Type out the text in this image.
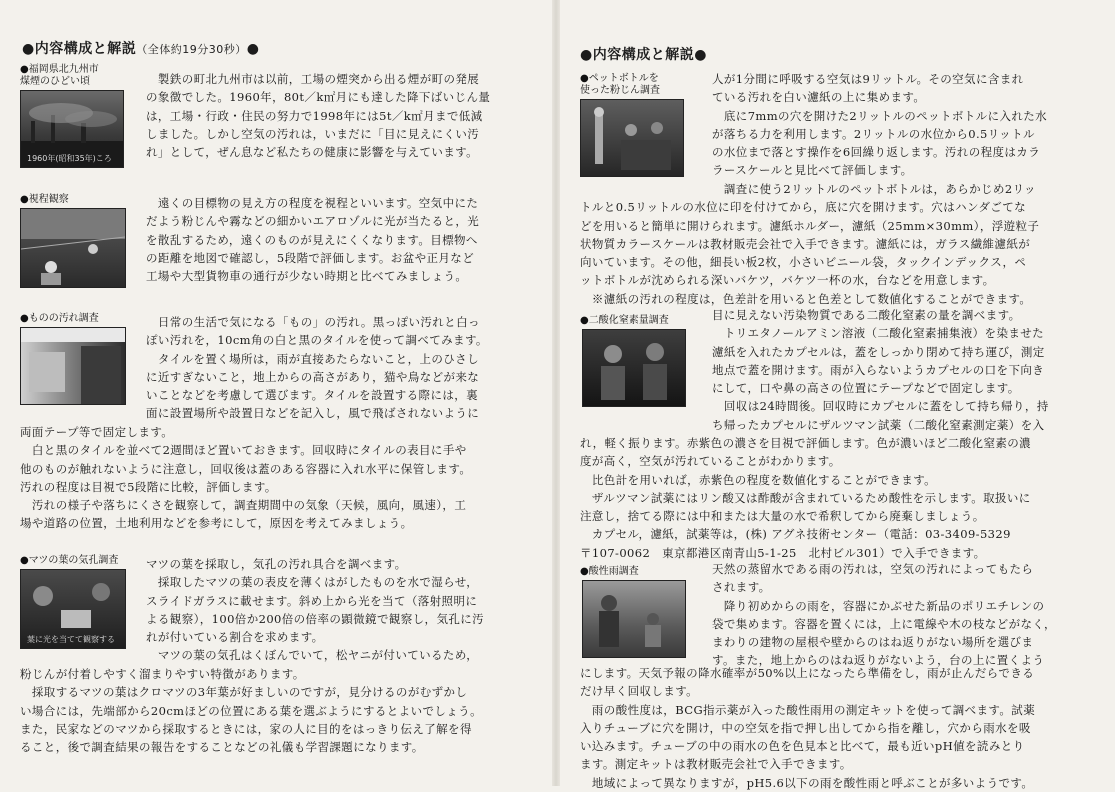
●内容構成と解説（全体約19分30秒）●
●福岡県北九州市
煤煙のひどい頃
1960年(昭和35年)ころ

　製鉄の町北九州市は以前，工場の煙突から出る煙が町の発展

の象徴でした。1960年，80t／k㎡月にも達した降下ばいじん量

は，工場・行政・住民の努力で1998年には5t／k㎡月まで低減

しました。しかし空気の汚れは，いまだに「目に見えにくい汚

れ」として，ぜん息など私たちの健康に影響を与えています。

●視程観察	　遠くの目標物の見え方の程度を視程といいます。空気中にた

だよう粉じんや霧などの細かいエアロゾルに光が当たると，光

を散乱するため，遠くのものが見えにくくなります。目標物へ

の距離を地図で確認し，5段階で評価します。お盆や正月など

工場や大型貨物車の通行が少ない時期と比べてみましょう。

●ものの汚れ調査	　日常の生活で気になる「もの」の汚れ。黒っぽい汚れと白っ

ぽい汚れを，10cm角の白と黒のタイルを使って調べてみます。

　タイルを置く場所は，雨が直接あたらないこと，上のひさし

に近すぎないこと，地上からの高さがあり，猫や鳥などが来な

いことなどを考慮して選びます。タイルを設置する際には，裏

面に設置場所や設置日などを記入し，風で飛ばされないように

両面テープ等で固定します。

　白と黒のタイルを並べて2週間ほど置いておきます。回収時にタイルの表目に手や

他のものが触れないように注意し，回収後は蓋のある容器に入れ水平に保管します。

汚れの程度は目視で5段階に比較，評価します。

　汚れの様子や落ちにくさを観察して，調査期間中の気象（天候，風向，風速），工

場や道路の位置，土地利用などを参考にして，原因を考えてみましょう。

●マツの葉の気孔調査
葉に光を当てて観察する

マツの葉を採取し，気孔の汚れ具合を調べます。

　採取したマツの葉の表皮を薄くはがしたものを水で湿らせ，

スライドガラスに載せます。斜め上から光を当て（落射照明に

よる観察），100倍か200倍の倍率の顕微鏡で観察し，気孔に汚

れが付いている割合を求めます。

　マツの葉の気孔はくぼんでいて，松ヤニが付いているため，

粉じんが付着しやすく溜まりやすい特徴があります。

　採取するマツの葉はクロマツの3年葉が好ましいのですが，見分けるのがむずかし

い場合には，先端部から20cmほどの位置にある葉を選ぶようにするとよいでしょう。

また，民家などのマツから採取するときには，家の人に目的をはっきり伝え了解を得

ること，後で調査結果の報告をすることなどの礼儀も学習課題になります。

●内容構成と解説●
●ペットボトルを
使った粉じん調査

人が1分間に呼吸する空気は9リットル。その空気に含まれ

ている汚れを白い濾紙の上に集めます。

　底に7mmの穴を開けた2リットルのペットボトルに入れた水

が落ちる力を利用します。2リットルの水位から0.5リットル

の水位まで落とす操作を6回繰り返します。汚れの程度はカラ

ラースケールと見比べて評価します。

　調査に使う2リットルのペットボトルは，あらかじめ2リッ

トルと0.5リットルの水位に印を付けてから，底に穴を開けます。穴はハンダごてな

どを用いると簡単に開けられます。濾紙ホルダー，濾紙（25mm×30mm），浮遊粒子

状物質カラースケールは教材販売会社で入手できます。濾紙には，ガラス繊維濾紙が

向いています。その他，細長い板2枚，小さいビニール袋，タックインデックス，ペ

ットボトルが沈められる深いバケツ，バケツ一杯の水，台などを用意します。

　※濾紙の汚れの程度は，色差計を用いると色差として数値化することができます。

●二酸化窒素量調査	目に見えない汚染物質である二酸化窒素の量を調べます。

　トリエタノールアミン溶液（二酸化窒素捕集液）を染ませた

濾紙を入れたカプセルは，蓋をしっかり閉めて持ち運び，測定

地点で蓋を開けます。雨が入らないようカプセルの口を下向き

にして，口や鼻の高さの位置にテープなどで固定します。

　回収は24時間後。回収時にカプセルに蓋をして持ち帰り，持

ち帰ったカプセルにザルツマン試薬（二酸化窒素測定薬）を入

れ，軽く振ります。赤紫色の濃さを目視で評価します。色が濃いほど二酸化窒素の濃

度が高く，空気が汚れていることがわかります。

　比色計を用いれば，赤紫色の程度を数値化することができます。

　ザルツマン試薬にはリン酸又は酢酸が含まれているため酸性を示します。取扱いに

注意し，捨てる際には中和または大量の水で希釈してから廃棄しましょう。

　カプセル，濾紙，試薬等は，(株) アグネ技術センター（電話：03-3409-5329

〒107-0062　東京都港区南青山5-1-25　北村ビル301）で入手できます。

●酸性雨調査	天然の蒸留水である雨の汚れは，空気の汚れによってもたら

されます。

　降り初めからの雨を，容器にかぶせた新品のポリエチレンの

袋で集めます。容器を置くには，上に電線や木の枝などがなく，

まわりの建物の屋根や壁からのはね返りがない場所を選びま

す。また，地上からのはね返りがないよう，台の上に置くよう

にします。天気予報の降水確率が50%以上になったら準備をし，雨が止んだらできる

だけ早く回収します。

　雨の酸性度は，BCG指示薬が入った酸性雨用の測定キットを使って調べます。試薬

入りチューブに穴を開け，中の空気を指で押し出してから指を離し，穴から雨水を吸

い込みます。チューブの中の雨水の色を色見本と比べて，最も近いpH値を読みとり

ます。測定キットは教材販売会社で入手できます。

　地域によって異なりますが，pH5.6以下の雨を酸性雨と呼ぶことが多いようです。
